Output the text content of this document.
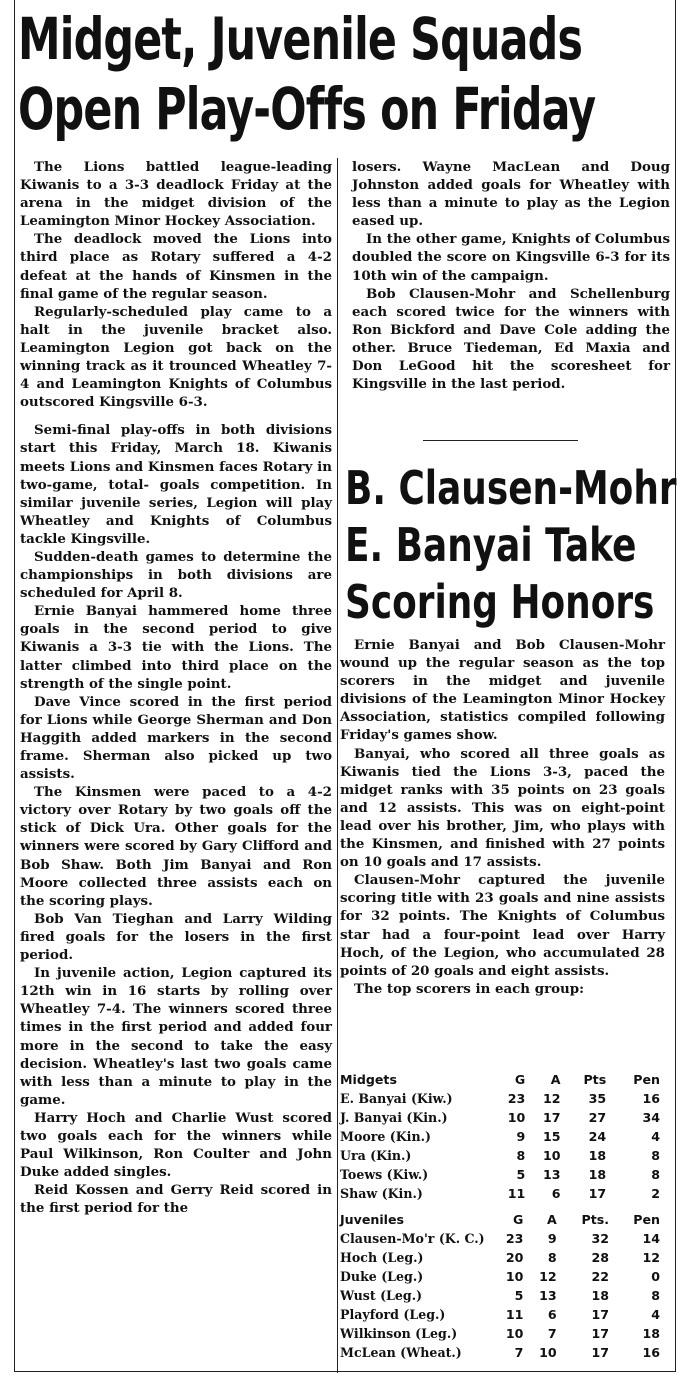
Midget, Juvenile Squads
Open Play-Offs on Friday

The Lions battled league-leading Kiwanis to a 3-3 deadlock Friday at the arena in the midget division of the Leamington Minor Hockey Association.

The deadlock moved the Lions into third place as Rotary suffered a 4-2 defeat at the hands of Kinsmen in the final game of the regular season.

Regularly-scheduled play came to a halt in the juvenile bracket also. Leamington Legion got back on the winning track as it trounced Wheatley 7-4 and Leamington Knights of Columbus outscored Kingsville 6-3.

Semi-final play-offs in both divisions start this Friday, March 18. Kiwanis meets Lions and Kinsmen faces Rotary in two-game, total- goals competition. In similar juvenile series, Legion will play Wheatley and Knights of Columbus tackle Kingsville.

Sudden-death games to determine the championships in both divisions are scheduled for April 8.

Ernie Banyai hammered home three goals in the second period to give Kiwanis a 3-3 tie with the Lions. The latter climbed into third place on the strength of the single point.

Dave Vince scored in the first period for Lions while George Sherman and Don Haggith added markers in the second frame. Sherman also picked up two assists.

The Kinsmen were paced to a 4-2 victory over Rotary by two goals off the stick of Dick Ura. Other goals for the winners were scored by Gary Clifford and Bob Shaw. Both Jim Banyai and Ron Moore collected three assists each on the scoring plays.

Bob Van Tieghan and Larry Wilding fired goals for the losers in the first period.

In juvenile action, Legion captured its 12th win in 16 starts by rolling over Wheatley 7-4. The winners scored three times in the first period and added four more in the second to take the easy decision. Wheatley's last two goals came with less than a minute to play in the game.

Harry Hoch and Charlie Wust scored two goals each for the winners while Paul Wilkinson, Ron Coulter and John Duke added singles.

Reid Kossen and Gerry Reid scored in the first period for the

losers. Wayne MacLean and Doug Johnston added goals for Wheatley with less than a minute to play as the Legion eased up.

In the other game, Knights of Columbus doubled the score on Kingsville 6-3 for its 10th win of the campaign.

Bob Clausen-Mohr and Schellenburg each scored twice for the winners with Ron Bickford and Dave Cole adding the other. Bruce Tiedeman, Ed Maxia and Don LeGood hit the scoresheet for Kingsville in the last period.

B. Clausen-Mohr
E. Banyai Take
Scoring Honors

Ernie Banyai and Bob Clausen-Mohr wound up the regular season as the top scorers in the midget and juvenile divisions of the Leamington Minor Hockey Association, statistics compiled following Friday's games show.

Banyai, who scored all three goals as Kiwanis tied the Lions 3-3, paced the midget ranks with 35 points on 23 goals and 12 assists. This was on eight-point lead over his brother, Jim, who plays with the Kinsmen, and finished with 27 points on 10 goals and 17 assists.

Clausen-Mohr captured the juvenile scoring title with 23 goals and nine assists for 32 points. The Knights of Columbus star had a four-point lead over Harry Hoch, of the Legion, who accumulated 28 points of 20 goals and eight assists.

The top scorers in each group:

Midgets	G	A	Pts	Pen
E. Banyai (Kiw.)	23	12	35	16
J. Banyai (Kin.)	10	17	27	34
Moore (Kin.)	9	15	24	4
Ura (Kin.)	8	10	18	8
Toews (Kiw.)	5	13	18	8
Shaw (Kin.)	11	6	17	2
Juveniles	G	A	Pts.	Pen
Clausen-Mo'r (K. C.)	23	9	32	14
Hoch (Leg.)	20	8	28	12
Duke (Leg.)	10	12	22	0
Wust (Leg.)	5	13	18	8
Playford (Leg.)	11	6	17	4
Wilkinson (Leg.)	10	7	17	18
McLean (Wheat.)	7	10	17	16
